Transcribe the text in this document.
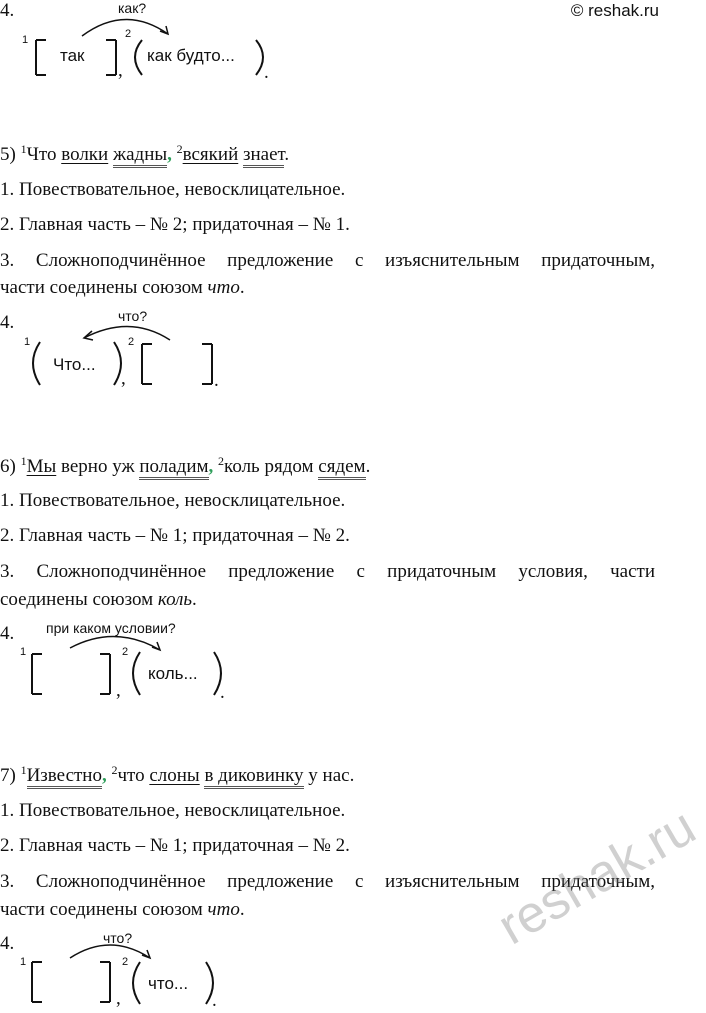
4.	© reshak.ru
как?
1	2
так	как будто...
,	.
5) $^1$Что волки жадны, $^2$всякий знает.
1. Повествовательное, невосклицательное.
2. Главная часть – № 2; придаточная – № 1.
3. Сложноподчинённое предложение с изъяснительным придаточным,
части соединены союзом что.
4.	что?
1	2
Что...
,	.
6) $^1$Мы верно уж поладим, $^2$коль рядом сядем.
1. Повествовательное, невосклицательное.
2. Главная часть – № 1; придаточная – № 2.
3. Сложноподчинённое предложение с придаточным условия, части
соединены союзом коль.
4. при каком условии?
1	2
коль...
,	.
7) $^1$Известно, $^2$что слоны в диковинку у нас.
1. Повествовательное, невосклицательное.
2. Главная часть – № 1; придаточная – № 2.
3. Сложноподчинённое предложение с изъяснительным придаточным,
части соединены союзом что.
4.	что?
1	2
что...
,	.
reshak.ru
